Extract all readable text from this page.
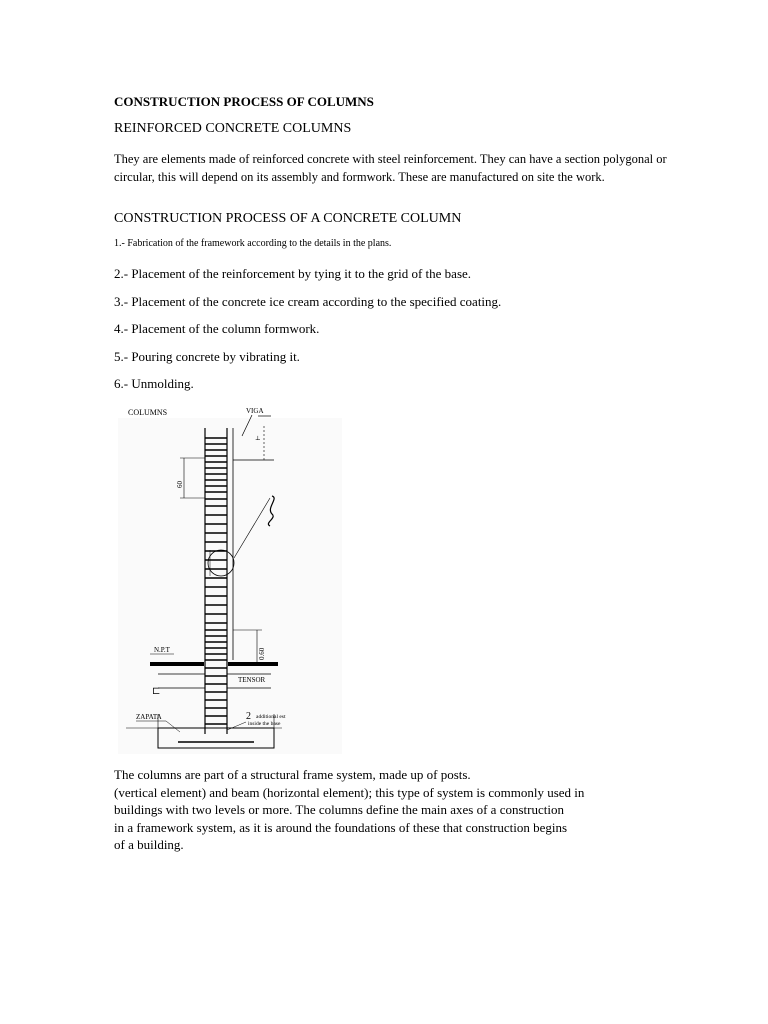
CONSTRUCTION PROCESS OF COLUMNS

REINFORCED CONCRETE COLUMNS

They are elements made of reinforced concrete with steel reinforcement. They can have a section polygonal or circular, this will depend on its assembly and formwork. These are manufactured on site the work.

CONSTRUCTION PROCESS OF A CONCRETE COLUMN

1.- Fabrication of the framework according to the details in the plans.

2.- Placement of the reinforcement by tying it to the grid of the base.

3.- Placement of the concrete ice cream according to the specified coating.

4.- Placement of the column formwork.

5.- Pouring concrete by vibrating it.

6.- Unmolding.

COLUMNS	VIGA
⊥
60
0.60
N.P.T
TENSOR
⊏
ZAPATA	2 additional est
inside the base
The columns are part of a structural frame system, made up of posts.
(vertical element) and beam (horizontal element); this type of system is commonly used in
buildings with two levels or more. The columns define the main axes of a construction
in a framework system, as it is around the foundations of these that construction begins
of a building.
